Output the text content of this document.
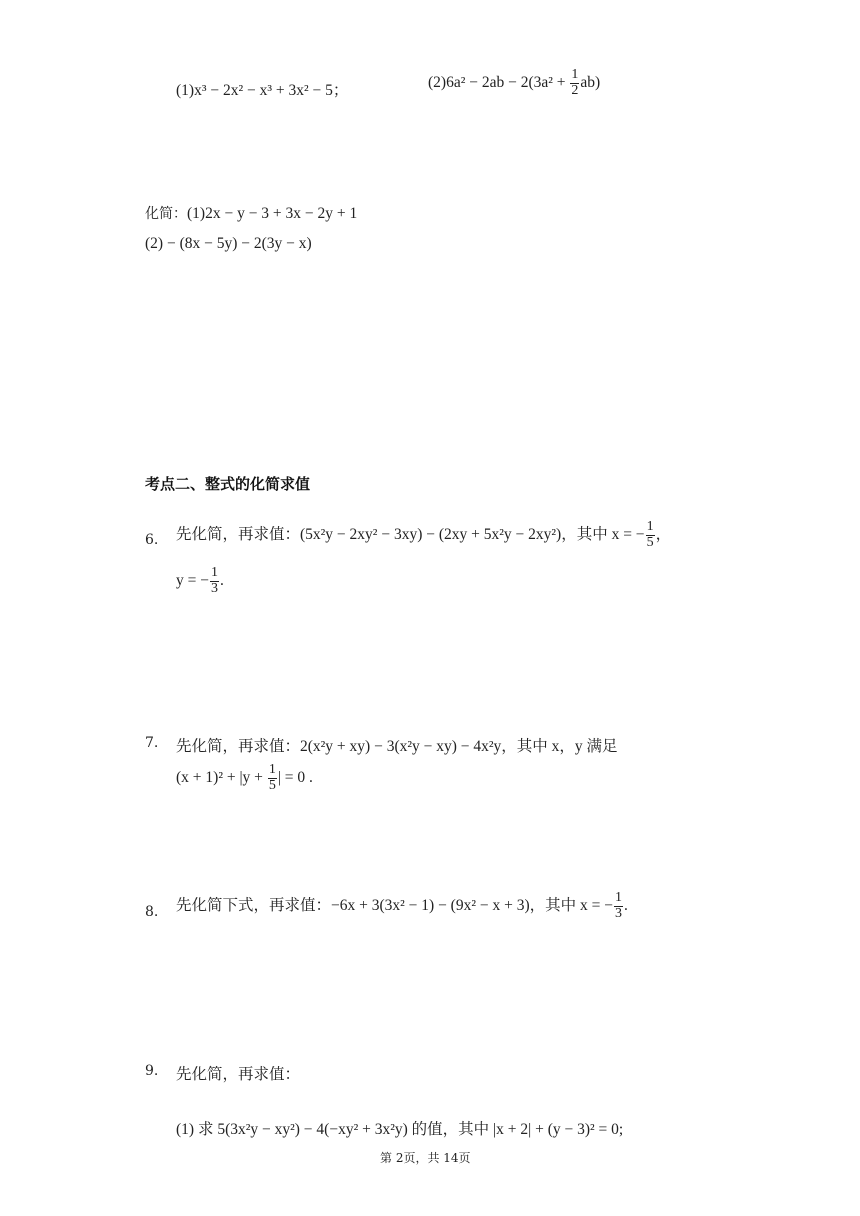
(1)x³ − 2x² − x³ + 3x² − 5；	$(2)6a^2 - 2ab - 2(3a^2 + \frac{1}{2} ab)$
化简：(1)2x − y − 3 + 3x − 2y + 1
(2) − (8x − 5y) − 2(3y − x)
考点二、整式的化简求值
6. 先化简，再求值：(5x²y − 2xy² − 3xy) − (2xy + 5x²y − 2xy²)，其中 x = − $\frac{1}{5}$ ，
y = − $\frac{1}{3}$ .
7. 先化简，再求值：2(x²y + xy) − 3(x²y − xy) − 4x²y，其中 x，y 满足
$(x + 1)^2 + |y + \frac{1}{5}$ | = 0 .
8. 先化简下式，再求值：−6x + 3(3x² − 1) − (9x² − x + 3)，其中 x = − $\frac{1}{3}$ .
9. 先化简，再求值：
(1) 求 5(3x²y − xy²) − 4(−xy² + 3x²y) 的值，其中 |x + 2| + (y − 3)² = 0;
第 2页，共 14页
